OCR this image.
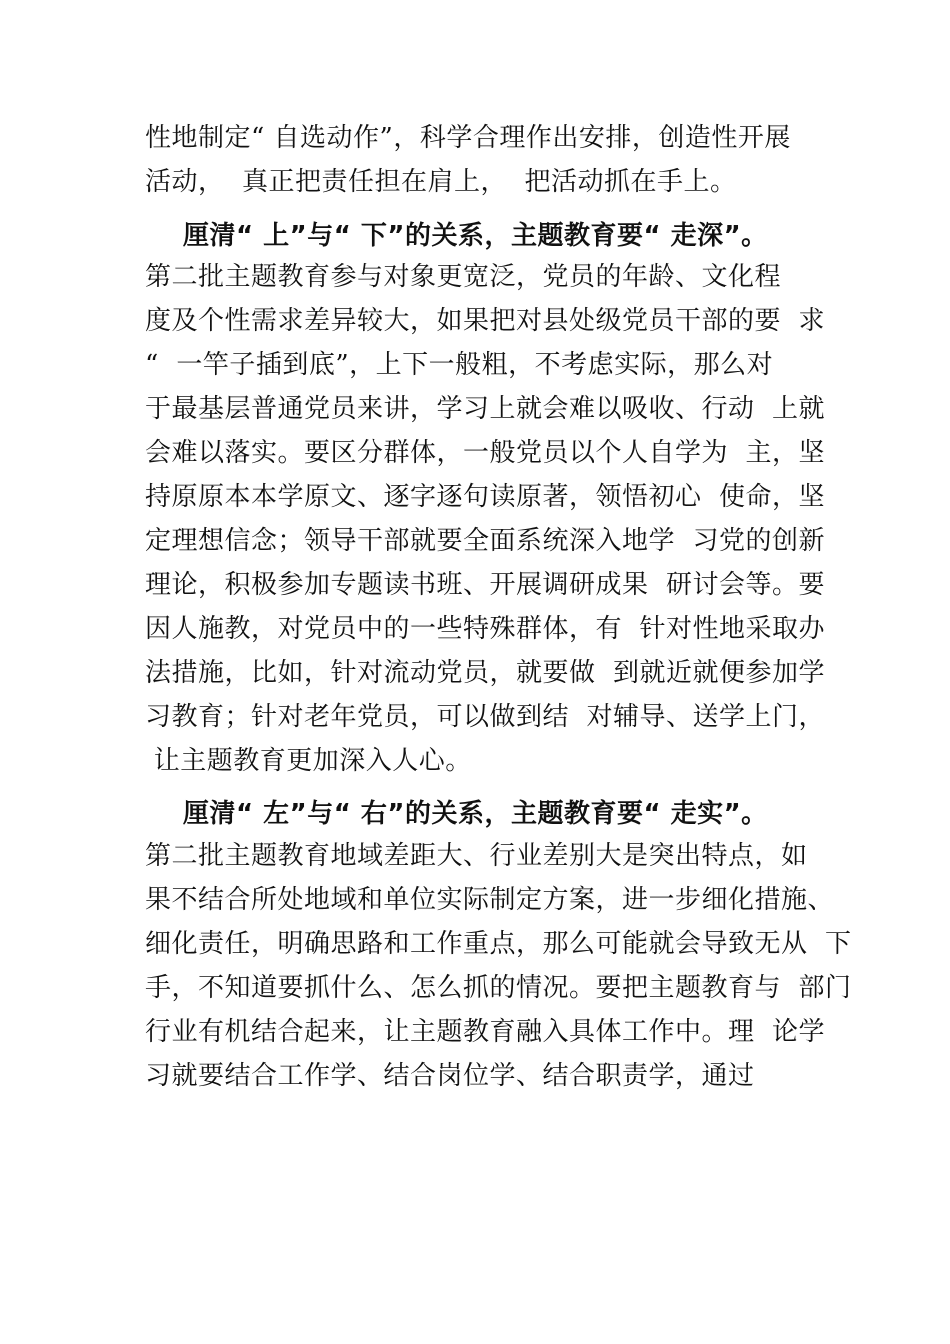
性地制定“ 自选动作”，科学合理作出安排，创造性开展
活动，  真正把责任担在肩上，  把活动抓在手上。
厘清“ 上”与“ 下”的关系，主题教育要“ 走深”。
第二批主题教育参与对象更宽泛，党员的年龄、文化程
度及个性需求差异较大，如果把对县处级党员干部的要  求
“  一竿子插到底”，上下一般粗，不考虑实际，那么对
于最基层普通党员来讲，学习上就会难以吸收、行动  上就
会难以落实。要区分群体，一般党员以个人自学为  主，坚
持原原本本学原文、逐字逐句读原著，领悟初心  使命，坚
定理想信念；领导干部就要全面系统深入地学  习党的创新
理论，积极参加专题读书班、开展调研成果  研讨会等。要
因人施教，对党员中的一些特殊群体，有  针对性地采取办
法措施，比如，针对流动党员，就要做  到就近就便参加学
习教育；针对老年党员，可以做到结  对辅导、送学上门，
让主题教育更加深入人心。
厘清“ 左”与“ 右”的关系，主题教育要“ 走实”。
第二批主题教育地域差距大、行业差别大是突出特点，如
果不结合所处地域和单位实际制定方案，进一步细化措施、
细化责任，明确思路和工作重点，那么可能就会导致无从  下
手，不知道要抓什么、怎么抓的情况。要把主题教育与  部门
行业有机结合起来，让主题教育融入具体工作中。理  论学
习就要结合工作学、结合岗位学、结合职责学，通过
